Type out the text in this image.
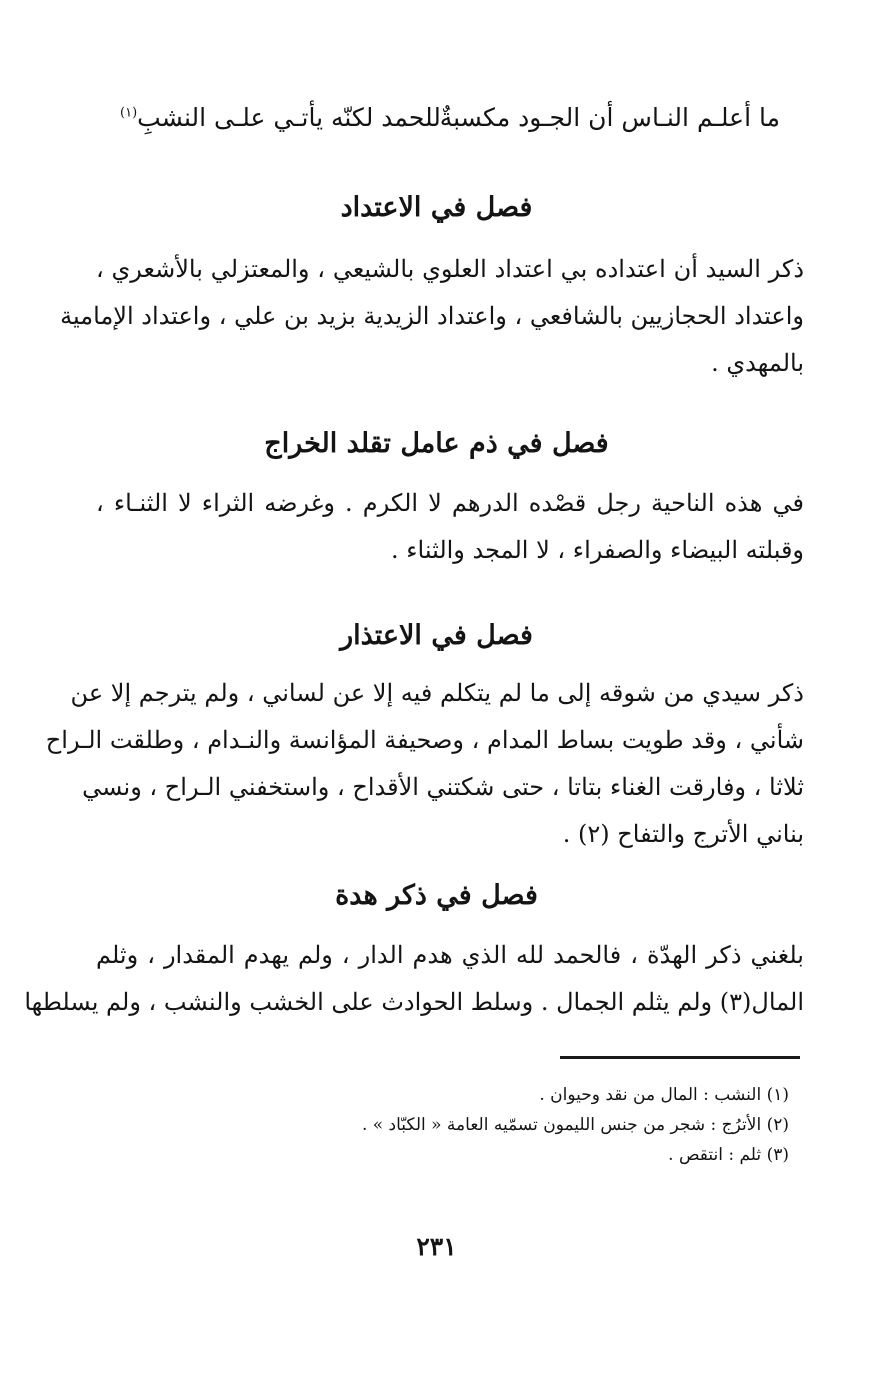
ما أعلـم النـاس أن الجـود مكسبةٌ
للحمد لكنّه يأتـي علـى النشبِ$^{(١)}$
فصل في الاعتداد
ذكر السيد أن اعتداده بي اعتداد العلوي بالشيعي ، والمعتزلي بالأشعري ،
واعتداد الحجازيين بالشافعي ، واعتداد الزيدية بزيد بن علي ، واعتداد الإمامية
بالمهدي .
فصل في ذم عامل تقلد الخراج
في هذه الناحية رجل قصْده الدرهم لا الكرم . وغرضه الثراء لا الثنـاء ،
وقبلته البيضاء والصفراء ، لا المجد والثناء .
فصل في الاعتذار
ذكر سيدي من شوقه إلى ما لم يتكلم فيه إلا عن لساني ، ولم يترجم إلا عن
شأني ، وقد طويت بساط المدام ، وصحيفة المؤانسة والنـدام ، وطلقت الـراح
ثلاثا ، وفارقت الغناء بتاتا ، حتى شكتني الأقداح ، واستخفني الـراح ، ونسي
بناني الأترج والتفاح (٢) .
فصل في ذكر هدة
بلغني ذكر الهدّة ، فالحمد لله الذي هدم الدار ، ولم يهدم المقدار ، وثلم
المال(٣) ولم يثلم الجمال . وسلط الحوادث على الخشب والنشب ، ولم يسلطها
(١) النشب : المال من نقد وحيوان .
(٢) الأترُج : شجر من جنس الليمون تسمّيه العامة « الكبّاد » .
(٣) ثلم : انتقص .
٢٣١
